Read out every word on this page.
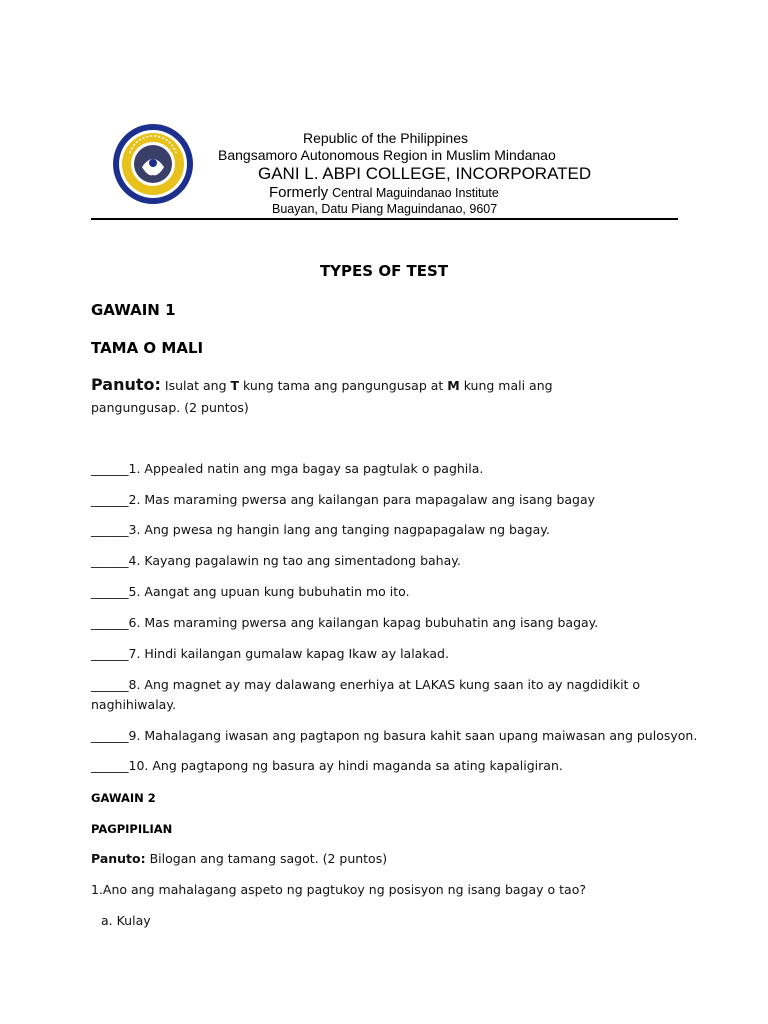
Republic of the Philippines
Bangsamoro Autonomous Region in Muslim Mindanao
GANI L. ABPI COLLEGE, INCORPORATED
Formerly Central Maguindanao Institute
Buayan, Datu Piang Maguindanao, 9607
TYPES OF TEST
GAWAIN 1
TAMA O MALI
Panuto: Isulat ang T kung tama ang pangungusap at M kung mali ang
pangungusap. (2 puntos)
______1. Appealed natin ang mga bagay sa pagtulak o paghila.
______2. Mas maraming pwersa ang kailangan para mapagalaw ang isang bagay
______3. Ang pwesa ng hangin lang ang tanging nagpapagalaw ng bagay.
______4. Kayang pagalawin ng tao ang simentadong bahay.
______5. Aangat ang upuan kung bubuhatin mo ito.
______6. Mas maraming pwersa ang kailangan kapag bubuhatin ang isang bagay.
______7. Hindi kailangan gumalaw kapag Ikaw ay lalakad.
______8. Ang magnet ay may dalawang enerhiya at LAKAS kung saan ito ay nagdidikit o
naghihiwalay.
______9. Mahalagang iwasan ang pagtapon ng basura kahit saan upang maiwasan ang pulosyon.
______10. Ang pagtapong ng basura ay hindi maganda sa ating kapaligiran.
GAWAIN 2
PAGPIPILIAN
Panuto: Bilogan ang tamang sagot. (2 puntos)
1.Ano ang mahalagang aspeto ng pagtukoy ng posisyon ng isang bagay o tao?
a. Kulay
